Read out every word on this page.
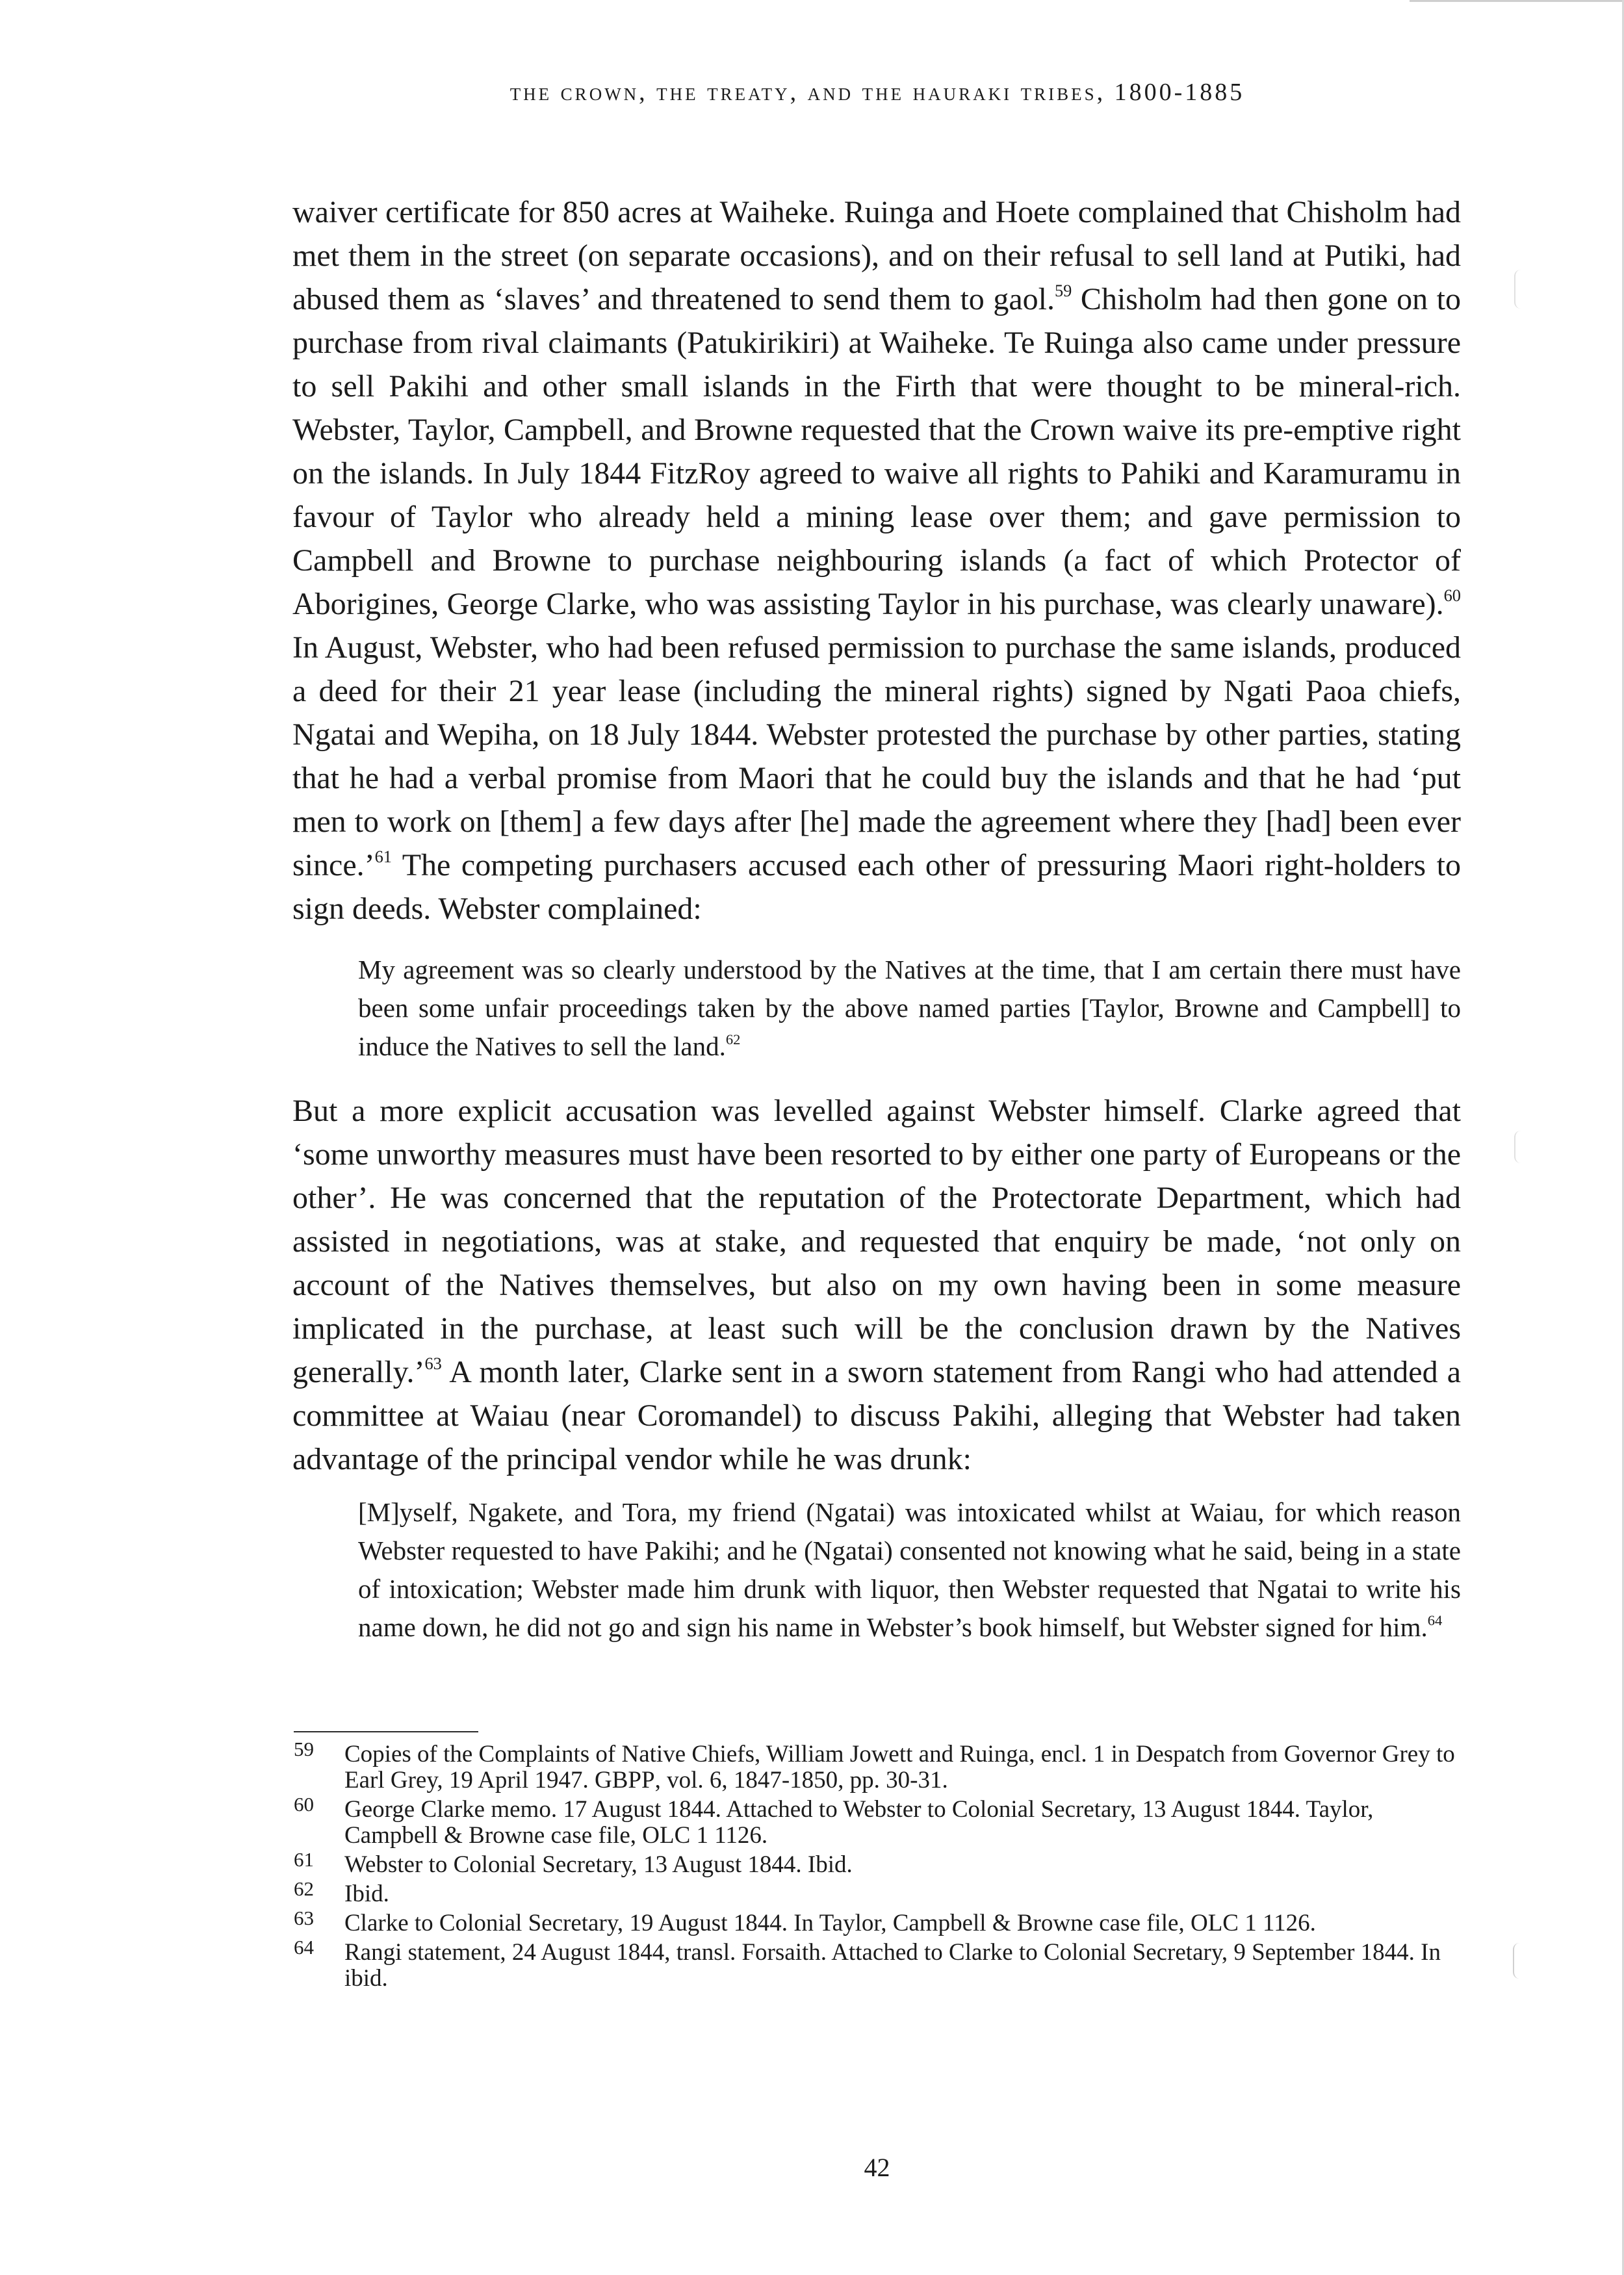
the crown, the treaty, and the hauraki tribes, 1800-1885

waiver certificate for 850 acres at Waiheke. Ruinga and Hoete complained that Chisholm had met them in the street (on separate occasions), and on their refusal to sell land at Putiki, had abused them as ‘slaves’ and threatened to send them to gaol.$^{59}$ Chisholm had then gone on to purchase from rival claimants (Patukirikiri) at Waiheke. Te Ruinga also came under pressure to sell Pakihi and other small islands in the Firth that were thought to be mineral-rich. Webster, Taylor, Campbell, and Browne requested that the Crown waive its pre-emptive right on the islands. In July 1844 FitzRoy agreed to waive all rights to Pahiki and Karamuramu in favour of Taylor who already held a mining lease over them; and gave permission to Campbell and Browne to purchase neighbouring islands (a fact of which Protector of Aborigines, George Clarke, who was assisting Taylor in his purchase, was clearly unaware).$^{60}$ In August, Webster, who had been refused permission to purchase the same islands, produced a deed for their 21 year lease (including the mineral rights) signed by Ngati Paoa chiefs, Ngatai and Wepiha, on 18 July 1844. Webster protested the purchase by other parties, stating that he had a verbal promise from Maori that he could buy the islands and that he had ‘put men to work on [them] a few days after [he] made the agreement where they [had] been ever since.’$^{61}$ The competing purchasers accused each other of pressuring Maori right-holders to sign deeds. Webster complained:

My agreement was so clearly understood by the Natives at the time, that I am certain there must have been some unfair proceedings taken by the above named parties [Taylor, Browne and Campbell] to induce the Natives to sell the land.$^{62}$

But a more explicit accusation was levelled against Webster himself. Clarke agreed that ‘some unworthy measures must have been resorted to by either one party of Europeans or the other’. He was concerned that the reputation of the Protectorate Department, which had assisted in negotiations, was at stake, and requested that enquiry be made, ‘not only on account of the Natives themselves, but also on my own having been in some measure implicated in the purchase, at least such will be the conclusion drawn by the Natives generally.’$^{63}$ A month later, Clarke sent in a sworn statement from Rangi who had attended a committee at Waiau (near Coromandel) to discuss Pakihi, alleging that Webster had taken advantage of the principal vendor while he was drunk:

[M]yself, Ngakete, and Tora, my friend (Ngatai) was intoxicated whilst at Waiau, for which reason Webster requested to have Pakihi; and he (Ngatai) consented not knowing what he said, being in a state of intoxication; Webster made him drunk with liquor, then Webster requested that Ngatai to write his name down, he did not go and sign his name in Webster’s book himself, but Webster signed for him.$^{64}$
59 Copies of the Complaints of Native Chiefs, William Jowett and Ruinga, encl. 1 in Despatch from Governor Grey to Earl Grey, 19 April 1947. GBPP, vol. 6, 1847-1850, pp. 30-31.
60 George Clarke memo. 17 August 1844. Attached to Webster to Colonial Secretary, 13 August 1844. Taylor, Campbell & Browne case file, OLC 1 1126.
61 Webster to Colonial Secretary, 13 August 1844. Ibid.
62 Ibid.
63 Clarke to Colonial Secretary, 19 August 1844. In Taylor, Campbell & Browne case file, OLC 1 1126.
64 Rangi statement, 24 August 1844, transl. Forsaith. Attached to Clarke to Colonial Secretary, 9 September 1844. In ibid.
42
